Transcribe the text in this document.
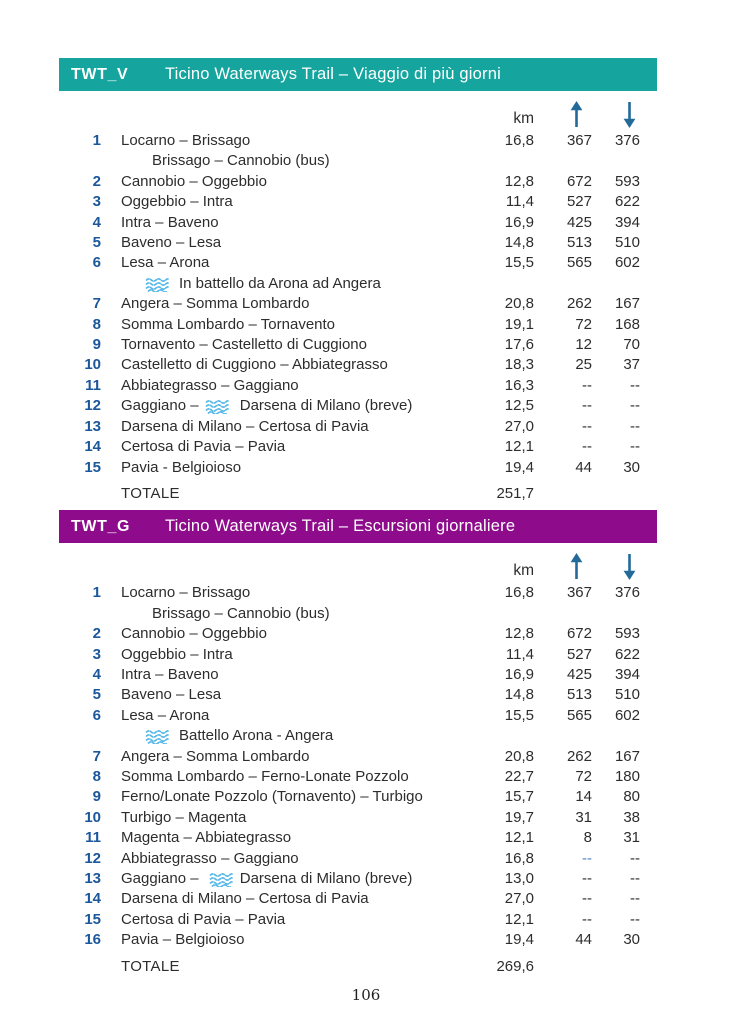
TWT_V	Ticino Waterways Trail – Viaggio di più giorni
km
1	Locarno – Brissago	16,8	367	376
Brissago – Cannobio (bus)
2	Cannobio – Oggebbio	12,8	672	593
3	Oggebbio – Intra	11,4	527	622
4	Intra – Baveno	16,9	425	394
5	Baveno – Lesa	14,8	513	510
6	Lesa – Arona	15,5	565	602
In battello da Arona ad Angera
7	Angera – Somma Lombardo	20,8	262	167
8	Somma Lombardo – Tornavento	19,1	72	168
9	Tornavento – Castelletto di Cuggiono	17,6	12	70
10	Castelletto di Cuggiono – Abbiategrasso	18,3	25	37
11	Abbiategrasso – Gaggiano	16,3	--	--
12 Gaggiano – Darsena di Milano (breve)	12,5	--	--
13	Darsena di Milano – Certosa di Pavia	27,0	--	--
14	Certosa di Pavia – Pavia	12,1	--	--
15	Pavia - Belgioioso	19,4	44	30
TOTALE	251,7
TWT_G	Ticino Waterways Trail – Escursioni giornaliere
km
1	Locarno – Brissago	16,8	367	376
Brissago – Cannobio (bus)
2	Cannobio – Oggebbio	12,8	672	593
3	Oggebbio – Intra	11,4	527	622
4	Intra – Baveno	16,9	425	394
5	Baveno – Lesa	14,8	513	510
6	Lesa – Arona	15,5	565	602
Battello Arona - Angera
7	Angera – Somma Lombardo	20,8	262	167
8	Somma Lombardo – Ferno-Lonate Pozzolo	22,7	72	180
9	Ferno/Lonate Pozzolo (Tornavento) – Turbigo	15,7	14	80
10	Turbigo – Magenta	19,7	31	38
11	Magenta – Abbiategrasso	12,1	8	31
12	Abbiategrasso – Gaggiano	16,8	--	--
13 Gaggiano – Darsena di Milano (breve)	13,0	--	--
14	Darsena di Milano – Certosa di Pavia	27,0	--	--
15	Certosa di Pavia – Pavia	12,1	--	--
16	Pavia – Belgioioso	19,4	44	30
TOTALE	269,6
106
